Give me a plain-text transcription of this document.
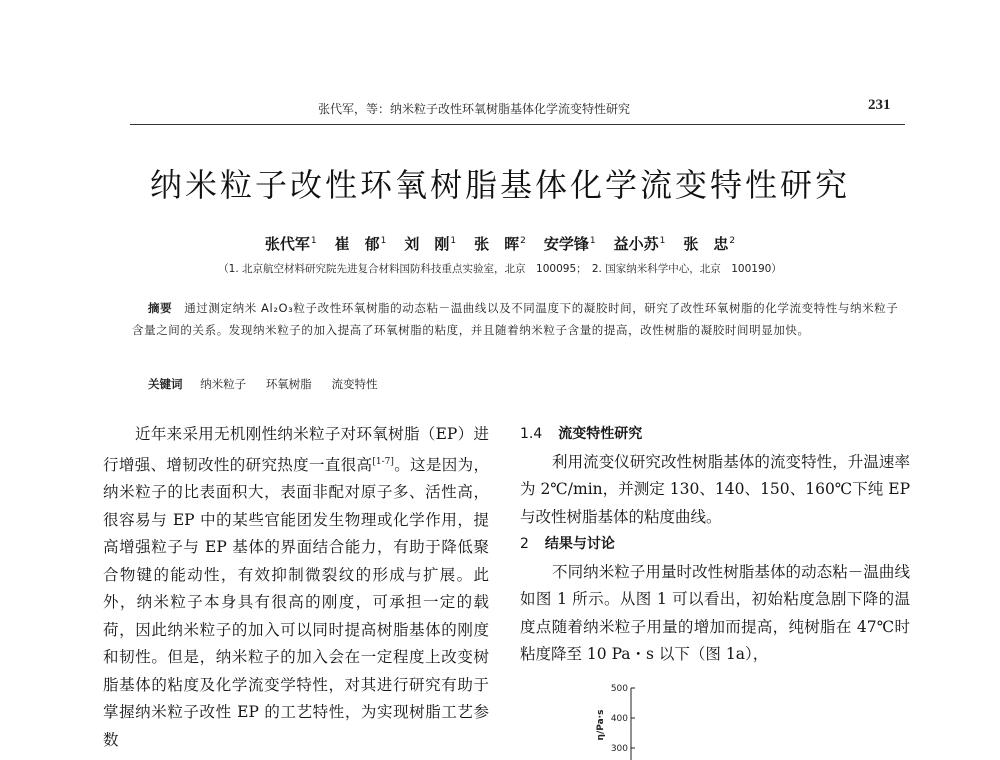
张代军，等：纳米粒子改性环氧树脂基体化学流变特性研究	231
纳米粒子改性环氧树脂基体化学流变特性研究
张代军$^1$ 崔　郁$^1$ 刘　刚$^1$ 张　晖$^2$ 安学锋$^1$ 益小苏$^1$ 张　忠$^2$
（1. 北京航空材料研究院先进复合材料国防科技重点实验室，北京　100095；　2. 国家纳米科学中心，北京　100190）
摘要 通过测定纳米 Al₂O₃粒子改性环氧树脂的动态粘－温曲线以及不同温度下的凝胶时间，研究了改性环氧树脂的化学流变特性与纳米粒子含量之间的关系。发现纳米粒子的加入提高了环氧树脂的粘度，并且随着纳米粒子含量的提高，改性树脂的凝胶时间明显加快。
关键词 纳米粒子 环氧树脂 流变特性

近年来采用无机刚性纳米粒子对环氧树脂（EP）进行增强、增韧改性的研究热度一直很高[1-7]。这是因为，纳米粒子的比表面积大，表面非配对原子多、活性高，很容易与 EP 中的某些官能团发生物理或化学作用，提高增强粒子与 EP 基体的界面结合能力，有助于降低聚合物键的能动性，有效抑制微裂纹的形成与扩展。此外，纳米粒子本身具有很高的刚度，可承担一定的载荷，因此纳米粒子的加入可以同时提高树脂基体的刚度和韧性。但是，纳米粒子的加入会在一定程度上改变树脂基体的粘度及化学流变学特性，对其进行研究有助于掌握纳米粒子改性 EP 的工艺特性，为实现树脂工艺参数

1.4 流变特性研究

利用流变仪研究改性树脂基体的流变特性，升温速率为 2℃/min，并测定 130、140、150、160℃下纯 EP 与改性树脂基体的粘度曲线。

2 结果与讨论

不同纳米粒子用量时改性树脂基体的动态粘－温曲线如图 1 所示。从图 1 可以看出，初始粘度急剧下降的温度点随着纳米粒子用量的增加而提高，纯树脂在 47℃时粘度降至 10 Pa・s 以下（图 1a），

500
400
300
η/Pa·s
